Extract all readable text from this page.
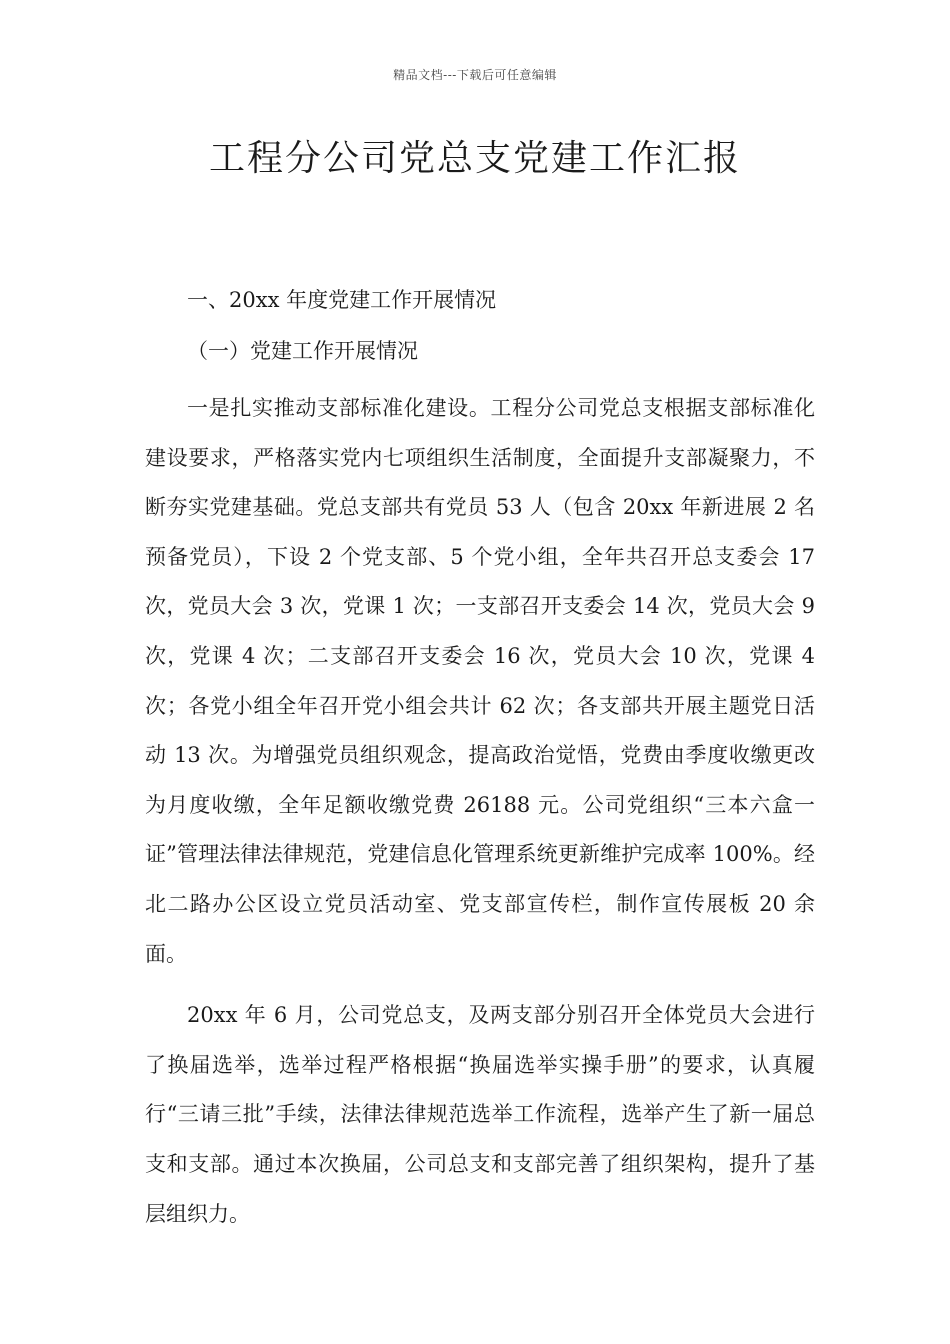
精品文档---下载后可任意编辑
工程分公司党总支党建工作汇报

一、20xx 年度党建工作开展情况

（一）党建工作开展情况

一是扎实推动支部标准化建设。工程分公司党总支根据支部标准化建设要求，严格落实党内七项组织生活制度，全面提升支部凝聚力，不断夯实党建基础。党总支部共有党员 53 人（包含 20xx 年新进展 2 名预备党员），下设 2 个党支部、5 个党小组，全年共召开总支委会 17 次，党员大会 3 次，党课 1 次；一支部召开支委会 14 次，党员大会 9 次，党课 4 次；二支部召开支委会 16 次，党员大会 10 次，党课 4 次；各党小组全年召开党小组会共计 62 次；各支部共开展主题党日活动 13 次。为增强党员组织观念，提高政治觉悟，党费由季度收缴更改为月度收缴，全年足额收缴党费 26188 元。公司党组织“三本六盒一证”管理法律法律规范，党建信息化管理系统更新维护完成率 100%。经北二路办公区设立党员活动室、党支部宣传栏，制作宣传展板 20 余面。

20xx 年 6 月，公司党总支，及两支部分别召开全体党员大会进行了换届选举，选举过程严格根据“换届选举实操手册”的要求，认真履行“三请三批”手续，法律法律规范选举工作流程，选举产生了新一届总支和支部。通过本次换届，公司总支和支部完善了组织架构，提升了基层组织力。
